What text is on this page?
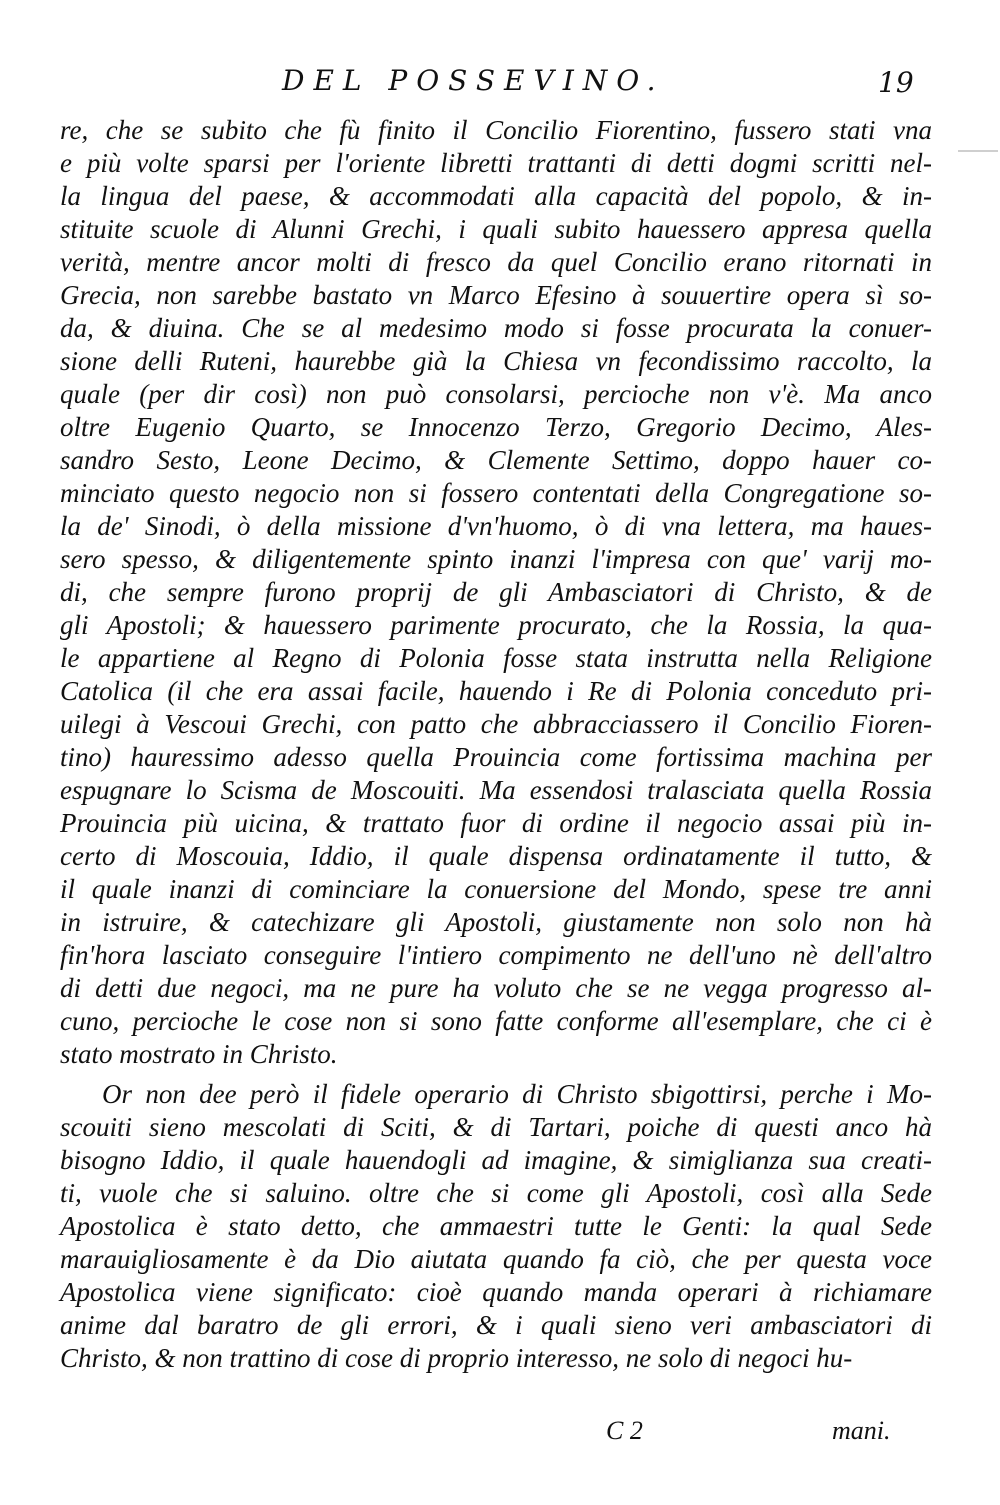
DEL POSSEVINO.	19
re, che se subito che fù finito il Concilio Fiorentino, fussero stati vna
e più volte sparsi per l'oriente libretti trattanti di detti dogmi scritti nel-
la lingua del paese, & accommodati alla capacità del popolo, & in-
stituite scuole di Alunni Grechi, i quali subito hauessero appresa quella
verità, mentre ancor molti di fresco da quel Concilio erano ritornati in
Grecia, non sarebbe bastato vn Marco Efesino à souuertire opera sì so-
da, & diuina. Che se al medesimo modo si fosse procurata la conuer-
sione delli Ruteni, haurebbe già la Chiesa vn fecondissimo raccolto, la
quale (per dir così) non può consolarsi, percioche non v'è. Ma anco
oltre Eugenio Quarto, se Innocenzo Terzo, Gregorio Decimo, Ales-
sandro Sesto, Leone Decimo, & Clemente Settimo, doppo hauer co-
minciato questo negocio non si fossero contentati della Congregatione so-
la de' Sinodi, ò della missione d'vn'huomo, ò di vna lettera, ma haues-
sero spesso, & diligentemente spinto inanzi l'impresa con que' varij mo-
di, che sempre furono proprij de gli Ambasciatori di Christo, & de
gli Apostoli; & hauessero parimente procurato, che la Rossia, la qua-
le appartiene al Regno di Polonia fosse stata instrutta nella Religione
Catolica (il che era assai facile, hauendo i Re di Polonia conceduto pri-
uilegi à Vescoui Grechi, con patto che abbracciassero il Concilio Fioren-
tino) hauressimo adesso quella Prouincia come fortissima machina per
espugnare lo Scisma de Moscouiti. Ma essendosi tralasciata quella Rossia
Prouincia più uicina, & trattato fuor di ordine il negocio assai più in-
certo di Moscouia, Iddio, il quale dispensa ordinatamente il tutto, &
il quale inanzi di cominciare la conuersione del Mondo, spese tre anni
in istruire, & catechizare gli Apostoli, giustamente non solo non hà
fin'hora lasciato conseguire l'intiero compimento ne dell'uno nè dell'altro
di detti due negoci, ma ne pure ha voluto che se ne vegga progresso al-
cuno, percioche le cose non si sono fatte conforme all'esemplare, che ci è
stato mostrato in Christo.
Or non dee però il fidele operario di Christo sbigottirsi, perche i Mo-
scouiti sieno mescolati di Sciti, & di Tartari, poiche di questi anco hà
bisogno Iddio, il quale hauendogli ad imagine, & simiglianza sua creati-
ti, vuole che si saluino. oltre che si come gli Apostoli, così alla Sede
Apostolica è stato detto, che ammaestri tutte le Genti: la qual Sede
marauigliosamente è da Dio aiutata quando fa ciò, che per questa voce
Apostolica viene significato: cioè quando manda operari à richiamare
anime dal baratro de gli errori, & i quali sieno veri ambasciatori di
Christo, & non trattino di cose di proprio interesso, ne solo di negoci hu-
C 2	mani.
